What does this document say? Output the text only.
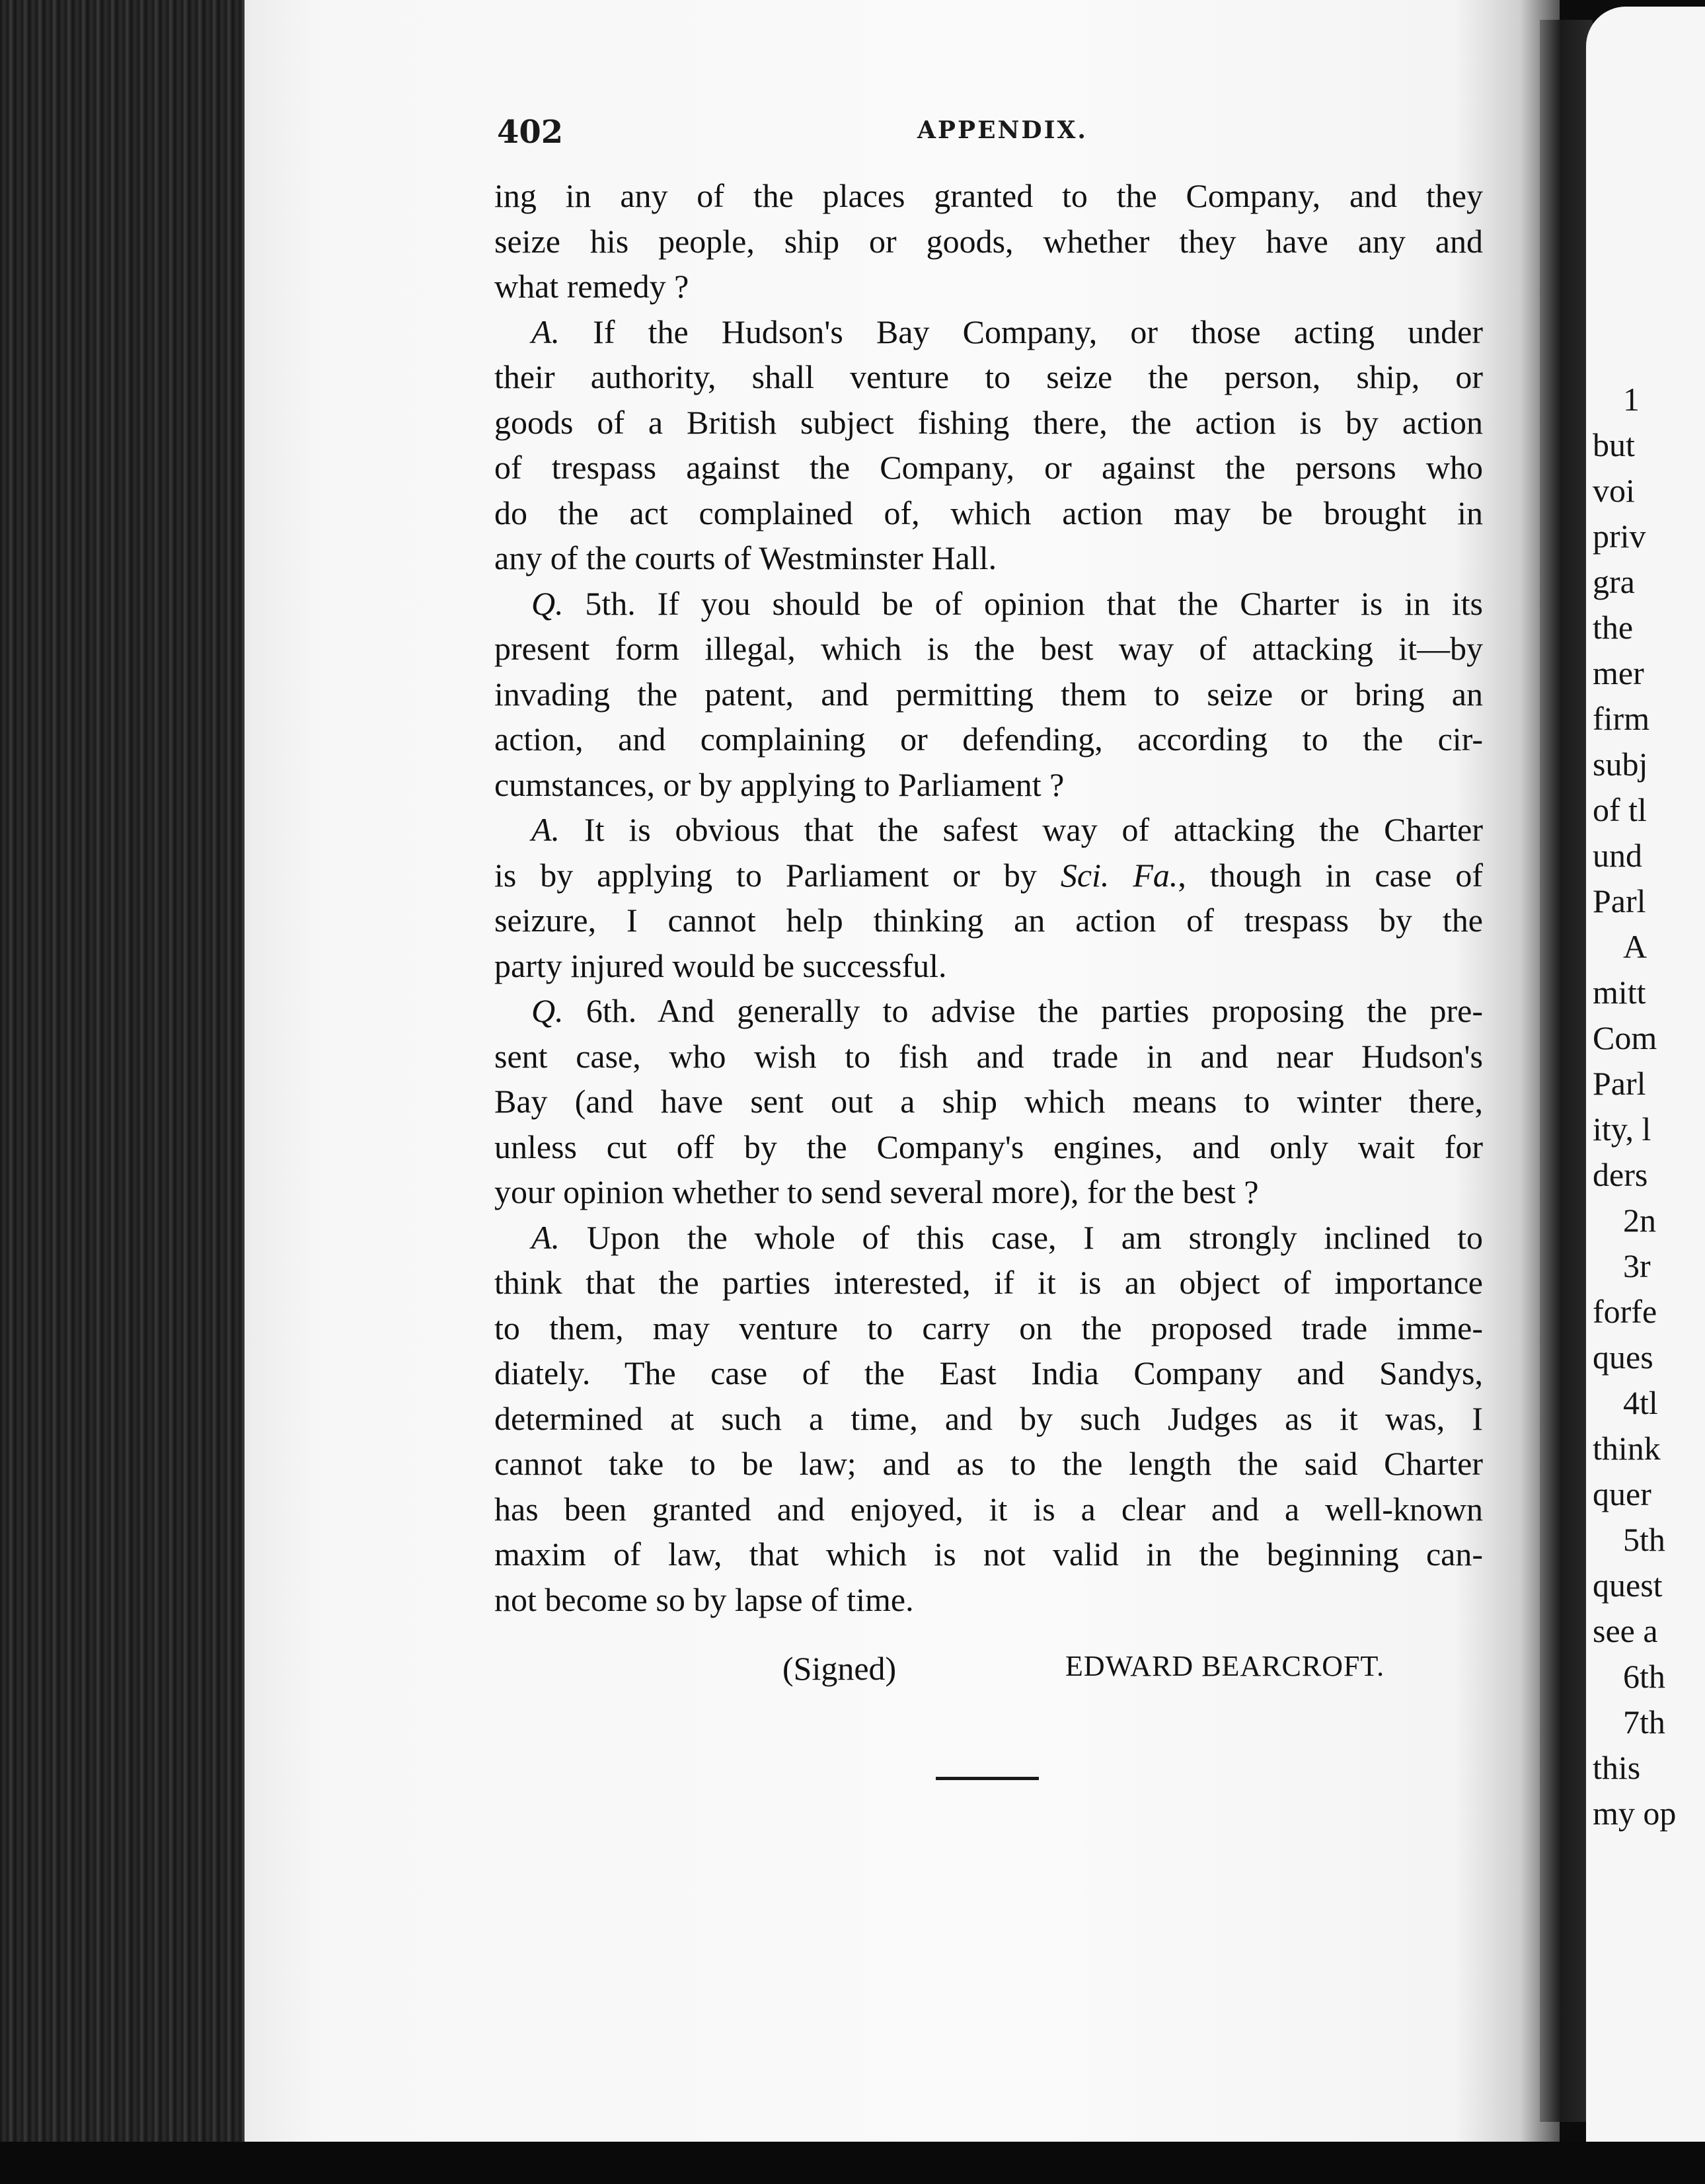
1
but
voi
priv
gra
the
mer
firm
subj
of tl
und
Parl
A
mitt
Com
Parl
ity, l
ders
2n
3r
forfe
ques
4tl
think
quer
5th
quest
see a
6th
7th
this
my op
402	APPENDIX.
ing in any of the places granted to the Company, and they
seize his people, ship or goods, whether they have any and
what remedy ?
A. If the Hudson's Bay Company, or those acting under
their authority, shall venture to seize the person, ship, or
goods of a British subject fishing there, the action is by action
of trespass against the Company, or against the persons who
do the act complained of, which action may be brought in
any of the courts of Westminster Hall.
Q. 5th. If you should be of opinion that the Charter is in its
present form illegal, which is the best way of attacking it—by
invading the patent, and permitting them to seize or bring an
action, and complaining or defending, according to the cir-
cumstances, or by applying to Parliament ?
A. It is obvious that the safest way of attacking the Charter
is by applying to Parliament or by Sci. Fa., though in case of
seizure, I cannot help thinking an action of trespass by the
party injured would be successful.
Q. 6th. And generally to advise the parties proposing the pre-
sent case, who wish to fish and trade in and near Hudson's
Bay (and have sent out a ship which means to winter there,
unless cut off by the Company's engines, and only wait for
your opinion whether to send several more), for the best ?
A. Upon the whole of this case, I am strongly inclined to
think that the parties interested, if it is an object of importance
to them, may venture to carry on the proposed trade imme-
diately. The case of the East India Company and Sandys,
determined at such a time, and by such Judges as it was, I
cannot take to be law; and as to the length the said Charter
has been granted and enjoyed, it is a clear and a well-known
maxim of law, that which is not valid in the beginning can-
not become so by lapse of time.
(Signed)	EDWARD BEARCROFT.
